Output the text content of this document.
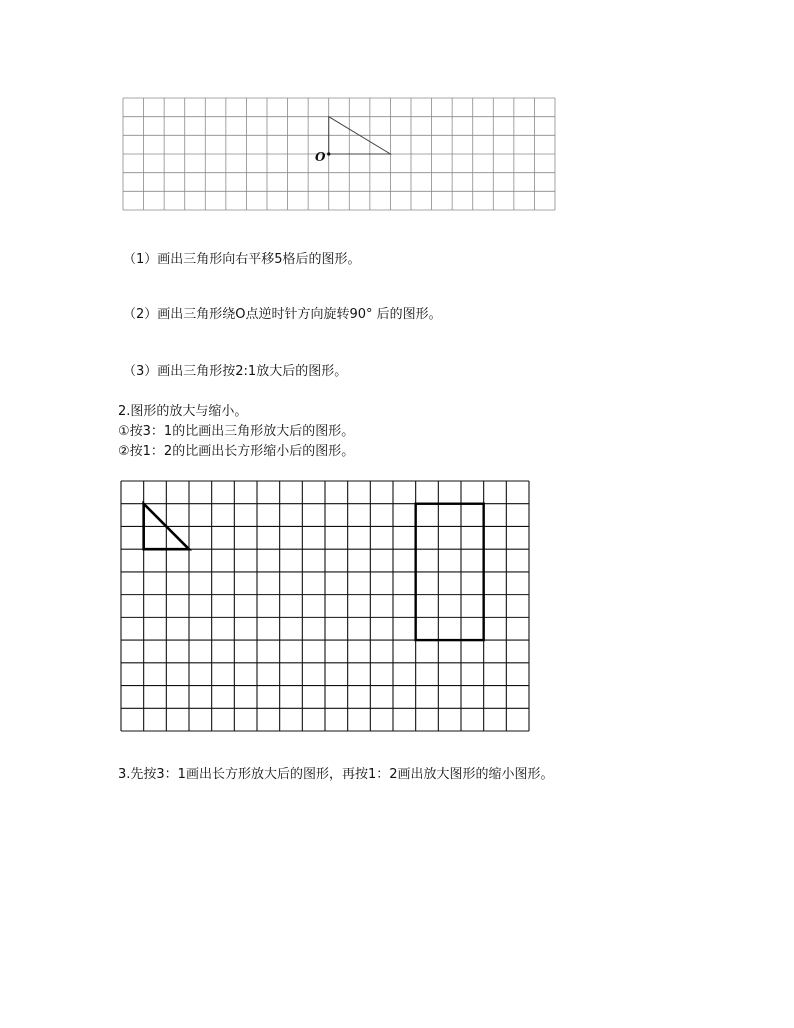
O
（1）画出三角形向右平移5格后的图形。
（2）画出三角形绕O点逆时针方向旋转90° 后的图形。
（3）画出三角形按2:1放大后的图形。
2.图形的放大与缩小。
①按3：1的比画出三角形放大后的图形。
②按1：2的比画出长方形缩小后的图形。
3.先按3：1画出长方形放大后的图形，再按1：2画出放大图形的缩小图形。
